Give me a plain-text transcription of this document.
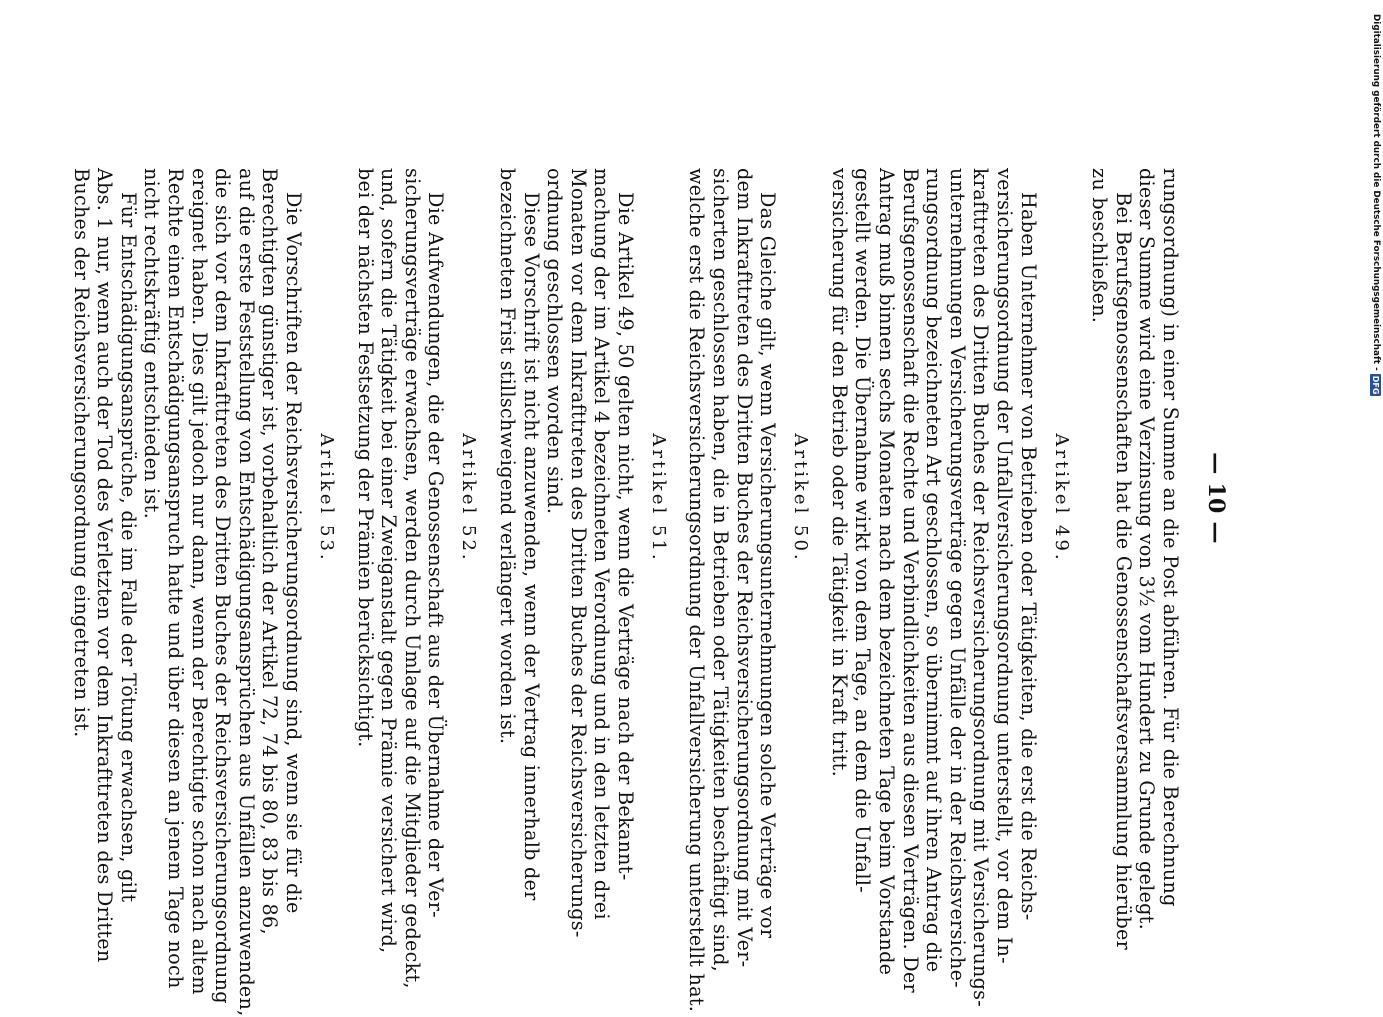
— 10 —
rungsordnung) in einer Summe an die Post abführen. Für die Berechnung
dieser Summe wird eine Verzinsung von 3½ vom Hundert zu Grunde gelegt.
Bei Berufsgenossenschaften hat die Genossenschaftsversammlung hierüber
zu beschließen.
Artikel 49.
Haben Unternehmer von Betrieben oder Tätigkeiten, die erst die Reichs-
versicherungsordnung der Unfallversicherungsordnung unterstellt, vor dem In-
krafttreten des Dritten Buches der Reichsversicherungsordnung mit Versicherungs-
unternehmungen Versicherungsverträge gegen Unfälle der in der Reichsversiche-
rungsordnung bezeichneten Art geschlossen, so übernimmt auf ihren Antrag die
Berufsgenossenschaft die Rechte und Verbindlichkeiten aus diesen Verträgen. Der
Antrag muß binnen sechs Monaten nach dem bezeichneten Tage beim Vorstande
gestellt werden. Die Übernahme wirkt von dem Tage, an dem die Unfall-
versicherung für den Betrieb oder die Tätigkeit in Kraft tritt.
Artikel 50.
Das Gleiche gilt, wenn Versicherungsunternehmungen solche Verträge vor
dem Inkrafttreten des Dritten Buches der Reichsversicherungsordnung mit Ver-
sicherten geschlossen haben, die in Betrieben oder Tätigkeiten beschäftigt sind,
welche erst die Reichsversicherungsordnung der Unfallversicherung unterstellt hat.
Artikel 51.
Die Artikel 49, 50 gelten nicht, wenn die Verträge nach der Bekannt-
machung der im Artikel 4 bezeichneten Verordnung und in den letzten drei
Monaten vor dem Inkrafttreten des Dritten Buches der Reichsversicherungs-
ordnung geschlossen worden sind.
Diese Vorschrift ist nicht anzuwenden, wenn der Vertrag innerhalb der
bezeichneten Frist stillschweigend verlängert worden ist.
Artikel 52.
Die Aufwendungen, die der Genossenschaft aus der Übernahme der Ver-
sicherungsverträge erwachsen, werden durch Umlage auf die Mitglieder gedeckt,
und, sofern die Tätigkeit bei einer Zweiganstalt gegen Prämie versichert wird,
bei der nächsten Festsetzung der Prämien berücksichtigt.
Artikel 53.
Die Vorschriften der Reichsversicherungsordnung sind, wenn sie für die
Berechtigten günstiger ist, vorbehaltlich der Artikel 72, 74 bis 80, 83 bis 86,
auf die erste Feststellung von Entschädigungsansprüchen aus Unfällen anzuwenden,
die sich vor dem Inkrafttreten des Dritten Buches der Reichsversicherungsordnung
ereignet haben. Dies gilt jedoch nur dann, wenn der Berechtigte schon nach altem
Rechte einen Entschädigungsanspruch hatte und über diesen an jenem Tage noch
nicht rechtskräftig entschieden ist.
Für Entschädigungsansprüche, die im Falle der Tötung erwachsen, gilt
Abs. 1 nur, wenn auch der Tod des Verletzten vor dem Inkrafttreten des Dritten
Buches der Reichsversicherungsordnung eingetreten ist.	Digitalisierung gefördert durch die Deutsche Forschungsgemeinschaft -
DFG
